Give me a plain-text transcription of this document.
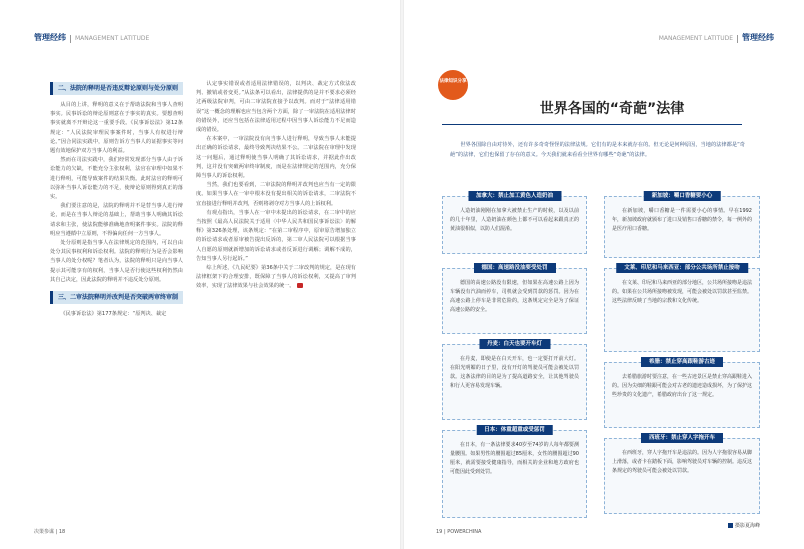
管理经纬 MANAGEMENT LATITUDE
二、法院的释明是否违反辩论原则与处分原则

从目的上讲，释明的意义在于帮助法院和当事人查明事实。民事诉讼的辩论原则意在于事实的真实。要想查明事实就离不开辩论这一重要手段。《民事诉讼法》第12条规定：“人民法院审理民事案件时，当事人有权进行辩论。”因合同法实践中，原则告诉方当事人的证据事实等问题有效地保护双方当事人的利益。

然而在司法实践中，我们经常发现部分当事人由于诉讼能力的欠缺，不能充分主张权利，法官在审理中如果不进行释明，可能导致案件的结果失衡。此时法官的释明可以弥补当事人诉讼能力的不足，使辩论原则得到真正的落实。

我们要注意的是，法院的释明并不是替当事人进行辩论，而是在当事人辩论的基础上，帮助当事人明确其诉讼请求和主张，使法院能够准确地查明案件事实。法院的释明应当遵循中立原则，不得偏向任何一方当事人。

处分原则是指当事人在法律规定的范围内，可以自由处分其民事权利和诉讼权利。法院的释明行为是否会影响当事人的处分权呢？笔者认为，法院的释明只是向当事人提示其可能享有的权利，当事人是否行使这些权利仍然由其自己决定，因此法院的释明并不违反处分原则。

三、二审法院释明并改判是否突破两审终审制

《民事诉讼法》第177条规定：“原判决、裁定

认定事实错误或者适用法律错误的，以判决、裁定方式依法改判、撤销或者变更。”从法条可以看出，法律提供的是并不要求必须经过两级法院审判，可由二审法院直接予以改判。而对于“法律适用错误”这一概念的理解也应当包含两个方面，除了一审法院在适用法律时的错误外，还应当包括在法律适用过程中因当事人诉讼能力不足而造成的错误。

在本案中，一审法院没有向当事人进行释明，导致当事人未能提出正确的诉讼请求，最终导致判决结果不公。二审法院在审理中发现这一问题后，通过释明使当事人明确了其诉讼请求，并据此作出改判，这并没有突破两审终审制度，而是在法律规定的范围内，充分保障当事人的诉讼权利。

当然，我们也要看到，二审法院的释明并改判也应当有一定的限度。如果当事人在一审中根本没有提出相关的诉讼请求，二审法院不宜直接进行释明并改判，否则将剥夺对方当事人的上诉权利。

有观点指出，当事人在一审中未提出的诉讼请求，在二审中的应当按照《最高人民法院关于适用〈中华人民共和国民事诉讼法〉的解释》第326条处理，该条规定：“在第二审程序中，原审原告增加独立的诉讼请求或者原审被告提出反诉的，第二审人民法院可以根据当事人自愿的原则就新增加的诉讼请求或者反诉进行调解；调解不成的，告知当事人另行起诉。”

综上所述，《九民纪要》第36条中关于二审改判的规定，是在现有法律框架下的合理安排，既保障了当事人的诉讼权利，又提高了审判效率，实现了法律效果与社会效果的统一。

决策参谋 | 18
MANAGEMENT LATITUDE 管理经纬
法律知识分享
世界各国的“奇葩”法律
世界各国除自由对待外，还有许多奇奇怪怪的法律法规。它们有的是本来就存在的。但无论是何种原因，当地的法律都是“奇葩”的法律，它们也保留了存在的意义。今天我们就来看看全世界有哪些“奇葩”的法律。
加拿大：禁止加工黄色人造奶油
人造奶油刚刚在加拿大被禁止生产的时候，以及以前的几十年里，人造奶油在颜色上都不可以看起来跟真正的黄油很相似，以防人们混淆。
德国：高速路没油要受处罚
德国的高速公路没有限速，但如果在高速公路上因为车辆没有汽油而停车，司机就会受到罚款的惩罚。因为在高速公路上停车是非常危险的，这条规定完全是为了保证高速公路的安全。
丹麦：白天也要开车灯
在丹麦，即使是在白天开车，也一定要打开前大灯。在阳光明媚的日子里，没有开灯的驾驶员可能会被处以罚款。这条法律的目的是为了提高道路安全，让其他驾驶员和行人更容易发现车辆。
日本：体重超重或受惩罚
在日本，有一条法律要求40岁至74岁的人每年都要测量腰围。如果男性的腰围超过85厘米，女性的腰围超过90厘米，就需要接受健康指导，而相关的企业和地方政府也可能因此受到处罚。
新加坡：嚼口香糖要小心
在新加坡，嚼口香糖是一件需要小心的事情。早在1992年，新加坡政府就颁布了进口及销售口香糖的禁令，每一例外的是医疗用口香糖。
文莱、印尼和马来西亚：部分公共场所禁止接吻
在文莱、印尼和马来西亚的部分地区，公共场所接吻是违法的。如果在公共场所接吻被发现，可能会被处以罚款甚至监禁。这些法律反映了当地的宗教和文化传统。
希腊：禁止穿高跟鞋游古迹
去希腊旅游时要注意，在一些古迹景区是禁止穿高跟鞋进入的。因为尖细的鞋跟可能会对古老的遗迹造成损坏，为了保护这些珍贵的文化遗产，希腊政府出台了这一规定。
西班牙：禁止穿人字拖开车
在西班牙，穿人字拖开车是违法的。因为人字拖很容易从脚上滑落，或者卡在踏板下面，影响驾驶员对车辆的控制。违反这条规定的驾驶员可能会被处以罚款。
摄影夏海峰
19 | POWERCHINA
